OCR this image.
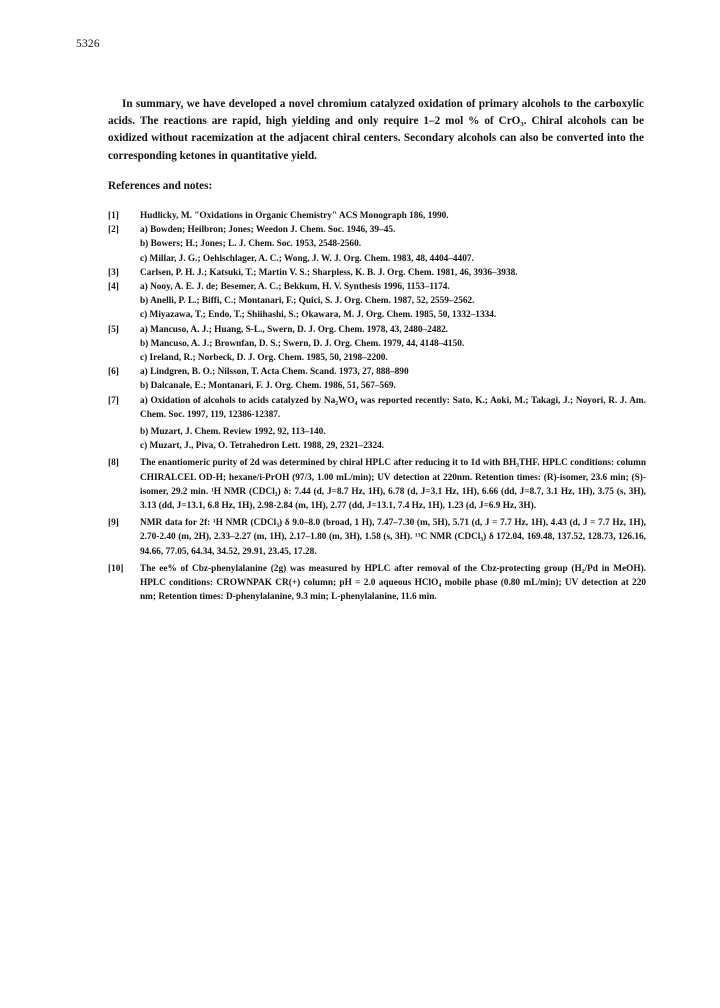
5326

In summary, we have developed a novel chromium catalyzed oxidation of primary alcohols to the carboxylic acids. The reactions are rapid, high yielding and only require 1–2 mol % of CrO₃. Chiral alcohols can be oxidized without racemization at the adjacent chiral centers. Secondary alcohols can also be converted into the corresponding ketones in quantitative yield.

References and notes:

[1]	Hudlicky, M. "Oxidations in Organic Chemistry" ACS Monograph 186, 1990.
[2]	a) Bowden; Heilbron; Jones; Weedon J. Chem. Soc. 1946, 39–45.
b) Bowers; H.; Jones; L. J. Chem. Soc. 1953, 2548-2560.
c) Millar, J. G.; Oehlschlager, A. C.; Wong, J. W. J. Org. Chem. 1983, 48, 4404–4407.
[3]	Carlsen, P. H. J.; Katsuki, T.; Martin V. S.; Sharpless, K. B. J. Org. Chem. 1981, 46, 3936–3938.
[4]	a) Nooy, A. E. J. de; Besemer, A. C.; Bekkum, H. V. Synthesis 1996, 1153–1174.
b) Anelli, P. L.; Biffi, C.; Montanari, F.; Quici, S. J. Org. Chem. 1987, 52, 2559–2562.
c) Miyazawa, T.; Endo, T.; Shiihashi, S.; Okawara, M. J. Org. Chem. 1985, 50, 1332–1334.
[5]	a) Mancuso, A. J.; Huang, S-L., Swern, D. J. Org. Chem. 1978, 43, 2480–2482.
b) Mancuso, A. J.; Brownfan, D. S.; Swern, D. J. Org. Chem. 1979, 44, 4148–4150.
c) Ireland, R.; Norbeck, D. J. Org. Chem. 1985, 50, 2198–2200.
[6]	a) Lindgren, B. O.; Nilsson, T. Acta Chem. Scand. 1973, 27, 888–890
b) Dalcanale, E.; Montanari, F. J. Org. Chem. 1986, 51, 567–569.
[7]	a) Oxidation of alcohols to acids catalyzed by Na₂WO₄ was reported recently: Sato, K.; Aoki, M.; Takagi, J.; Noyori, R. J. Am. Chem. Soc. 1997, 119, 12386-12387.
b) Muzart, J. Chem. Review 1992, 92, 113–140.
c) Muzart, J., Piva, O. Tetrahedron Lett. 1988, 29, 2321–2324.
[8]	The enantiomeric purity of 2d was determined by chiral HPLC after reducing it to 1d with BH₃THF. HPLC conditions: column CHIRALCEL OD-H; hexane/i-PrOH (97/3, 1.00 mL/min); UV detection at 220nm. Retention times: (R)-isomer, 23.6 min; (S)-isomer, 29.2 min. ¹H NMR (CDCl₃) δ: 7.44 (d, J=8.7 Hz, 1H), 6.78 (d, J=3.1 Hz, 1H), 6.66 (dd, J=8.7, 3.1 Hz, 1H), 3.75 (s, 3H), 3.13 (dd, J=13.1, 6.8 Hz, 1H), 2.98-2.84 (m, 1H), 2.77 (dd, J=13.1, 7.4 Hz, 1H), 1.23 (d, J=6.9 Hz, 3H).
[9]	NMR data for 2f: ¹H NMR (CDCl₃) δ 9.0–8.0 (broad, 1 H), 7.47–7.30 (m, 5H), 5.71 (d, J = 7.7 Hz, 1H), 4.43 (d, J = 7.7 Hz, 1H), 2.70-2.40 (m, 2H), 2.33–2.27 (m, 1H), 2.17–1.80 (m, 3H), 1.58 (s, 3H). ¹³C NMR (CDCl₃) δ 172.04, 169.48, 137.52, 128.73, 126.16, 94.66, 77.05, 64.34, 34.52, 29.91, 23.45, 17.28.
[10]	The ee% of Cbz-phenylalanine (2g) was measured by HPLC after removal of the Cbz-protecting group (H₂/Pd in MeOH). HPLC conditions: CROWNPAK CR(+) column; pH = 2.0 aqueous HClO₄ mobile phase (0.80 mL/min); UV detection at 220 nm; Retention times: D-phenylalanine, 9.3 min; L-phenylalanine, 11.6 min.
